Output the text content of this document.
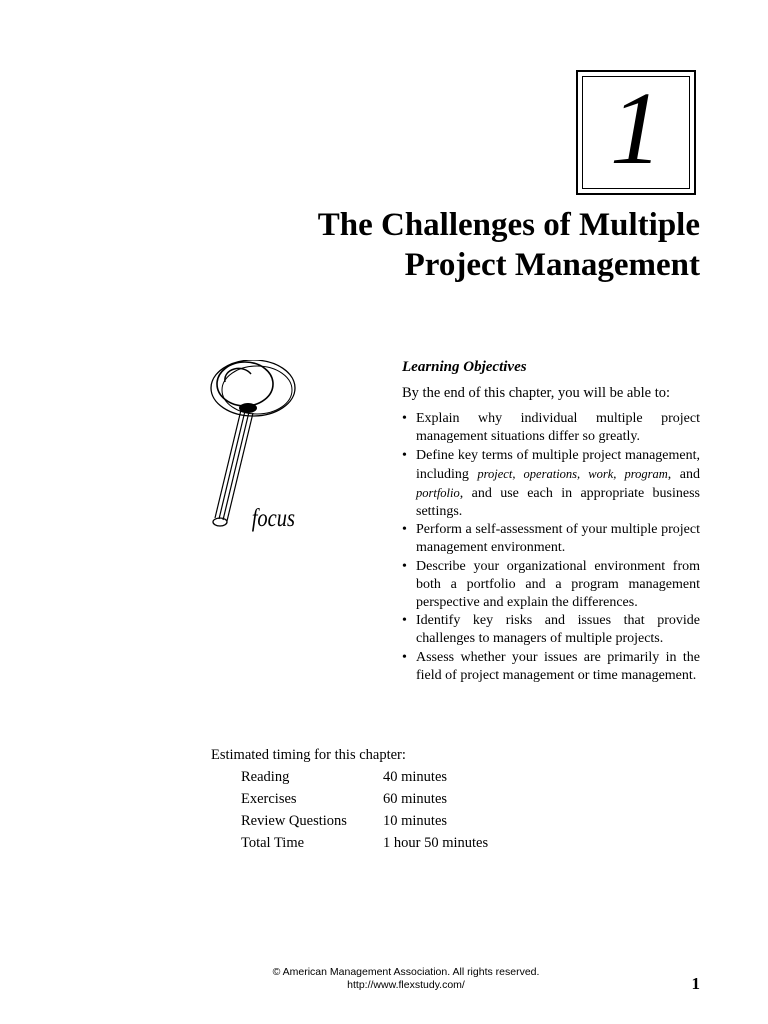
1
The Challenges of Multiple
Project Management
focus
Learning Objectives
By the end of this chapter, you will be able to:
• Explain why individual multiple project management situations differ so greatly.
• Define key terms of multiple project management, including project, operations, work, program, and portfolio, and use each in appropriate business settings.
• Perform a self-assessment of your multiple project management environment.
• Describe your organizational environment from both a portfolio and a program management perspective and explain the differences.
• Identify key risks and issues that provide challenges to managers of multiple projects.
• Assess whether your issues are primarily in the field of project management or time management.
Estimated timing for this chapter:
Reading	40 minutes
Exercises	60 minutes
Review Questions 10 minutes
Total Time	1 hour 50 minutes
© American Management Association. All rights reserved.
http://www.flexstudy.com/	1
